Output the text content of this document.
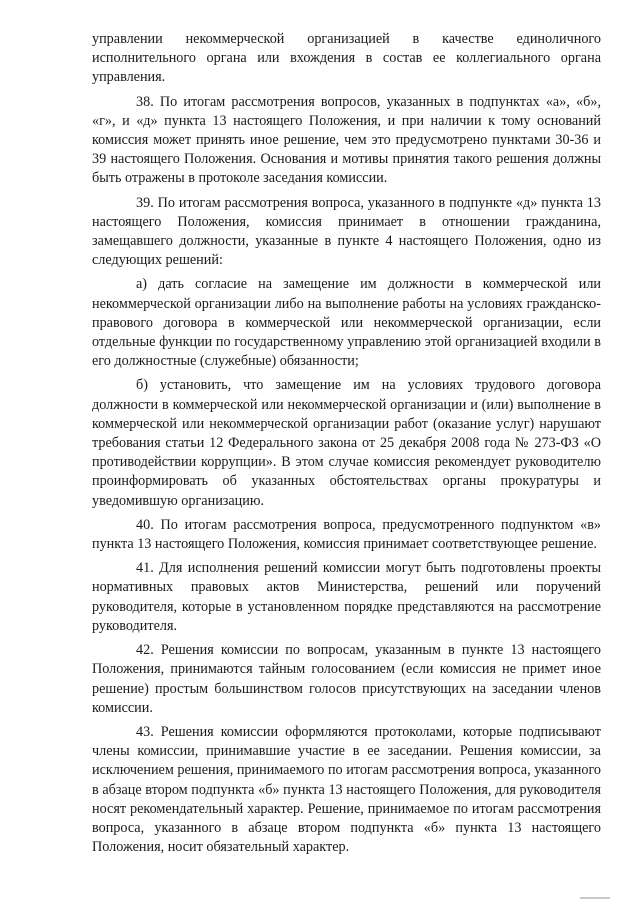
управлении некоммерческой организацией в качестве единоличного исполнительного органа или вхождения в состав ее коллегиального органа управления.

38. По итогам рассмотрения вопросов, указанных в подпунктах «а», «б», «г», и «д» пункта 13 настоящего Положения, и при наличии к тому оснований комиссия может принять иное решение, чем это предусмотрено пунктами 30-36 и 39 настоящего Положения. Основания и мотивы принятия такого решения должны быть отражены в протоколе заседания комиссии.

39. По итогам рассмотрения вопроса, указанного в подпункте «д» пункта 13 настоящего Положения, комиссия принимает в отношении гражданина, замещавшего должности, указанные в пункте 4 настоящего Положения, одно из следующих решений:

а) дать согласие на замещение им должности в коммерческой или некоммерческой организации либо на выполнение работы на условиях гражданско-правового договора в коммерческой или некоммерческой организации, если отдельные функции по государственному управлению этой организацией входили в его должностные (служебные) обязанности;

б) установить, что замещение им на условиях трудового договора должности в коммерческой или некоммерческой организации и (или) выполнение в коммерческой или некоммерческой организации работ (оказание услуг) нарушают требования статьи 12 Федерального закона от 25 декабря 2008 года № 273-ФЗ «О противодействии коррупции». В этом случае комиссия рекомендует руководителю проинформировать об указанных обстоятельствах органы прокуратуры и уведомившую организацию.

40. По итогам рассмотрения вопроса, предусмотренного подпунктом «в» пункта 13 настоящего Положения, комиссия принимает соответствующее решение.

41. Для исполнения решений комиссии могут быть подготовлены проекты нормативных правовых актов Министерства, решений или поручений руководителя, которые в установленном порядке представляются на рассмотрение руководителя.

42. Решения комиссии по вопросам, указанным в пункте 13 настоящего Положения, принимаются тайным голосованием (если комиссия не примет иное решение) простым большинством голосов присутствующих на заседании членов комиссии.

43. Решения комиссии оформляются протоколами, которые подписывают члены комиссии, принимавшие участие в ее заседании. Решения комиссии, за исключением решения, принимаемого по итогам рассмотрения вопроса, указанного в абзаце втором подпункта «б» пункта 13 настоящего Положения, для руководителя носят рекомендательный характер. Решение, принимаемое по итогам рассмотрения вопроса, указанного в абзаце втором подпункта «б» пункта 13 настоящего Положения, носит обязательный характер.
